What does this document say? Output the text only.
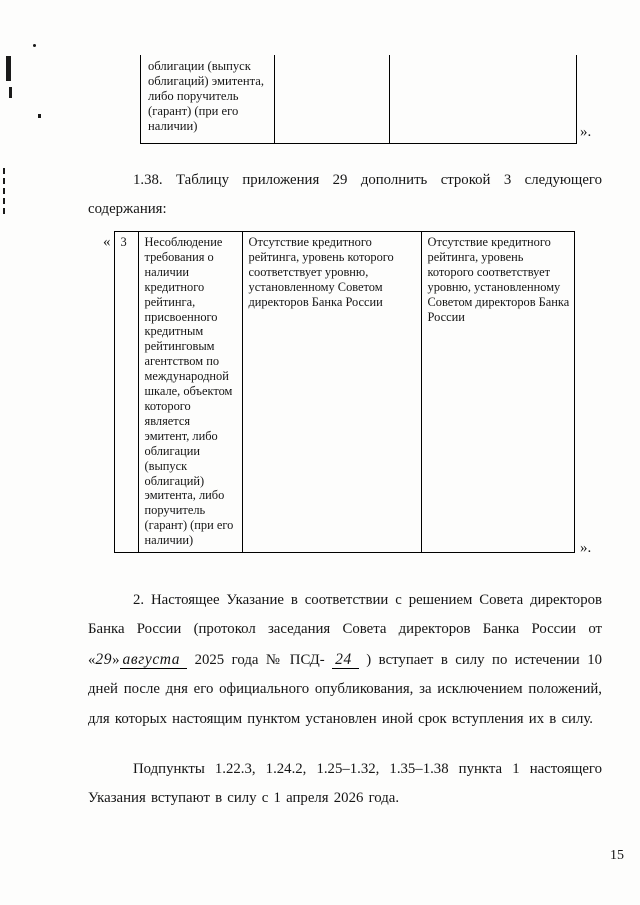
облигации (выпуск облигаций) эмитента, либо поручитель (гарант) (при его наличии)	».

1.38. Таблицу приложения 29 дополнить строкой 3 следующего содержания:

« 3	Несоблюдение требования о наличии кредитного рейтинга, присвоенного кредитным рейтинговым агентством по международной шкале, объектом которого является эмитент, либо облигации (выпуск облигаций) эмитента, либо поручитель (гарант) (при его наличии)	Отсутствие кредитного рейтинга, уровень которого соответствует уровню, установленному Советом директоров Банка России	Отсутствие кредитного рейтинга, уровень которого соответствует уровню, установленному Советом директоров Банка России
».

2. Настоящее Указание в соответствии с решением Совета директоров Банка России (протокол заседания Совета директоров Банка России от «29» августа 2025 года № ПСД- 24 ) вступает в силу по истечении 10 дней после дня его официального опубликования, за исключением положений, для которых настоящим пунктом установлен иной срок вступления их в силу.

Подпункты 1.22.3, 1.24.2, 1.25–1.32, 1.35–1.38 пункта 1 настоящего Указания вступают в силу с 1 апреля 2026 года.

15
